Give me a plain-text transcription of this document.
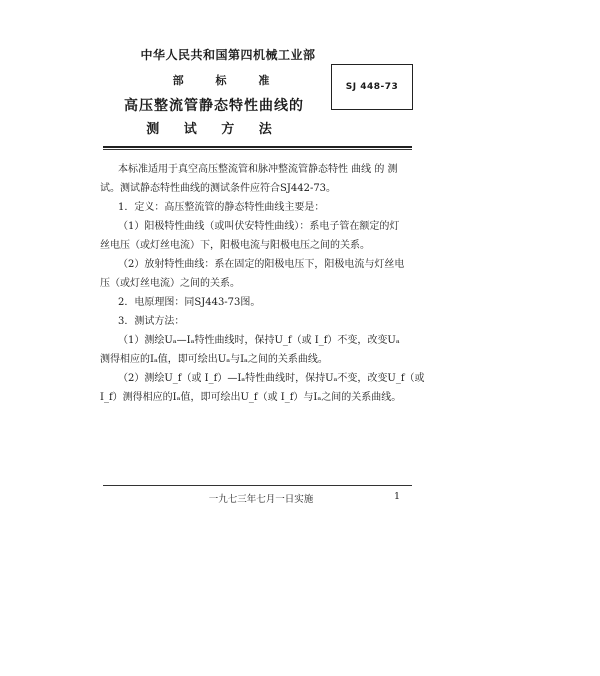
中华人民共和国第四机械工业部
部 标 准	SJ 448-73
高压整流管静态特性曲线的
测 试 方 法

本标准适用于真空高压整流管和脉冲整流管静态特性 曲线 的 测

试。测试静态特性曲线的测试条件应符合SJ442-73。

1．定义：高压整流管的静态特性曲线主要是：

（1）阳极特性曲线（或叫伏安特性曲线）：系电子管在额定的灯

丝电压（或灯丝电流）下，阳极电流与阳极电压之间的关系。

（2）放射特性曲线：系在固定的阳极电压下，阳极电流与灯丝电

压（或灯丝电流）之间的关系。

2．电原理图：同SJ443-73图。

3．测试方法：

（1）测绘Uₐ—Iₐ特性曲线时，保持U_f（或 I_f）不变，改变Uₐ

测得相应的Iₐ值，即可绘出Uₐ与Iₐ之间的关系曲线。

（2）测绘U_f（或 I_f）—Iₐ特性曲线时，保持Uₐ不变，改变U_f（或

I_f）测得相应的Iₐ值，即可绘出U_f（或 I_f）与Iₐ之间的关系曲线。

一九七三年七月一日实施	1
